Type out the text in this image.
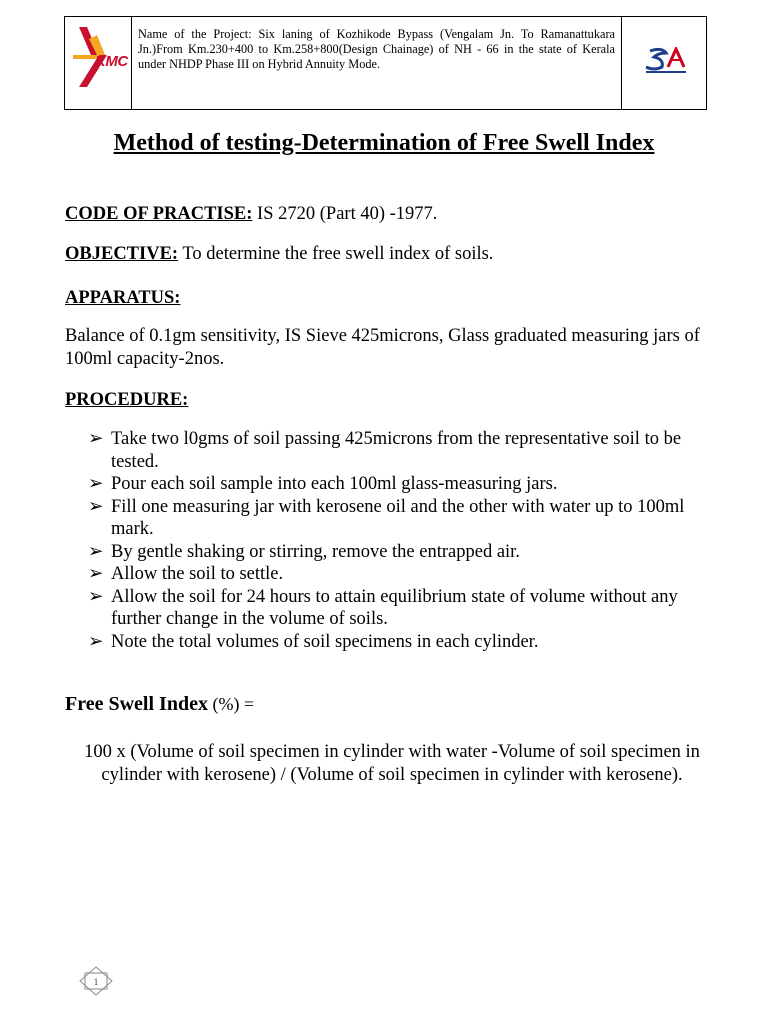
KMC
Name of the Project: Six laning of Kozhikode Bypass (Vengalam Jn. To Ramanattukara Jn.)From Km.230+400 to Km.258+800(Design Chainage) of NH - 66 in the state of Kerala under NHDP Phase III on Hybrid Annuity Mode.
Method of testing-Determination of Free Swell Index
CODE OF PRACTISE: IS 2720 (Part 40) -1977.
OBJECTIVE: To determine the free swell index of soils.
APPARATUS:
Balance of 0.1gm sensitivity, IS Sieve 425microns, Glass graduated measuring jars of 100ml capacity-2nos.
PROCEDURE:
➢ Take two l0gms of soil passing 425microns from the representative soil to be tested.
➢ Pour each soil sample into each 100ml glass-measuring jars.
➢ Fill one measuring jar with kerosene oil and the other with water up to 100ml mark.
➢ By gentle shaking or stirring, remove the entrapped air.
➢ Allow the soil to settle.
➢ Allow the soil for 24 hours to attain equilibrium state of volume without any further change in the volume of soils.
➢ Note the total volumes of soil specimens in each cylinder.
Free Swell Index (%) =
100 x (Volume of soil specimen in cylinder with water -Volume of soil specimen in cylinder with kerosene) / (Volume of soil specimen in cylinder with kerosene).
1
